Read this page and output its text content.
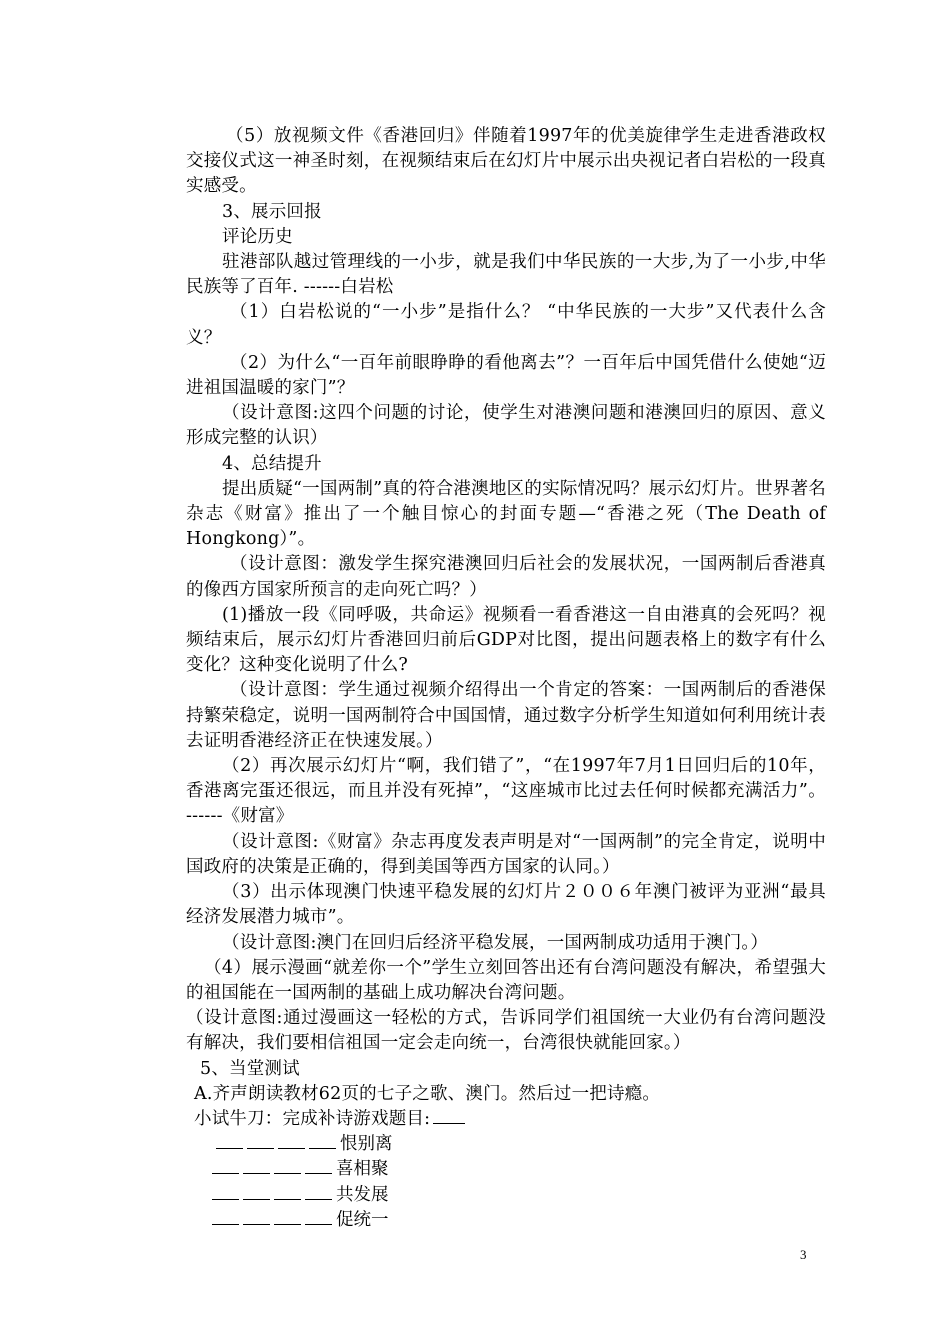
（5）放视频文件《香港回归》伴随着1997年的优美旋律学生走进香港政权交接仪式这一神圣时刻，在视频结束后在幻灯片中展示出央视记者白岩松的一段真实感受。

3、展示回报

评论历史

驻港部队越过管理线的一小步，就是我们中华民族的一大步,为了一小步,中华民族等了百年. ------白岩松

（1）白岩松说的“一小步”是指什么？ “中华民族的一大步”又代表什么含义？

（2）为什么“一百年前眼睁睁的看他离去”？一百年后中国凭借什么使她“迈进祖国温暖的家门”？

（设计意图:这四个问题的讨论，使学生对港澳问题和港澳回归的原因、意义形成完整的认识）

4、总结提升

提出质疑“一国两制”真的符合港澳地区的实际情况吗？展示幻灯片。世界著名杂志《财富》推出了一个触目惊心的封面专题—“香港之死（The Death of Hongkong）”。

（设计意图：激发学生探究港澳回归后社会的发展状况，一国两制后香港真的像西方国家所预言的走向死亡吗？）

(1)播放一段《同呼吸，共命运》视频看一看香港这一自由港真的会死吗？视频结束后，展示幻灯片香港回归前后GDP对比图，提出问题表格上的数字有什么变化？这种变化说明了什么?

（设计意图：学生通过视频介绍得出一个肯定的答案：一国两制后的香港保持繁荣稳定，说明一国两制符合中国国情，通过数字分析学生知道如何利用统计表去证明香港经济正在快速发展。）

（2）再次展示幻灯片“啊，我们错了”，“在1997年7月1日回归后的10年，香港离完蛋还很远，而且并没有死掉”，“这座城市比过去任何时候都充满活力”。 ------《财富》

（设计意图:《财富》杂志再度发表声明是对“一国两制”的完全肯定，说明中国政府的决策是正确的，得到美国等西方国家的认同。）

（3）出示体现澳门快速平稳发展的幻灯片２００６年澳门被评为亚洲“最具经济发展潜力城市”。

（设计意图:澳门在回归后经济平稳发展，一国两制成功适用于澳门。）

（4）展示漫画“就差你一个”学生立刻回答出还有台湾问题没有解决，希望强大的祖国能在一国两制的基础上成功解决台湾问题。

（设计意图:通过漫画这一轻松的方式，告诉同学们祖国统一大业仍有台湾问题没有解决，我们要相信祖国一定会走向统一，台湾很快就能回家。）

5、当堂测试

A.齐声朗读教材62页的七子之歌、澳门。然后过一把诗瘾。

小试牛刀：完成补诗游戏题目:

恨别离

喜相聚

共发展

促统一

3
